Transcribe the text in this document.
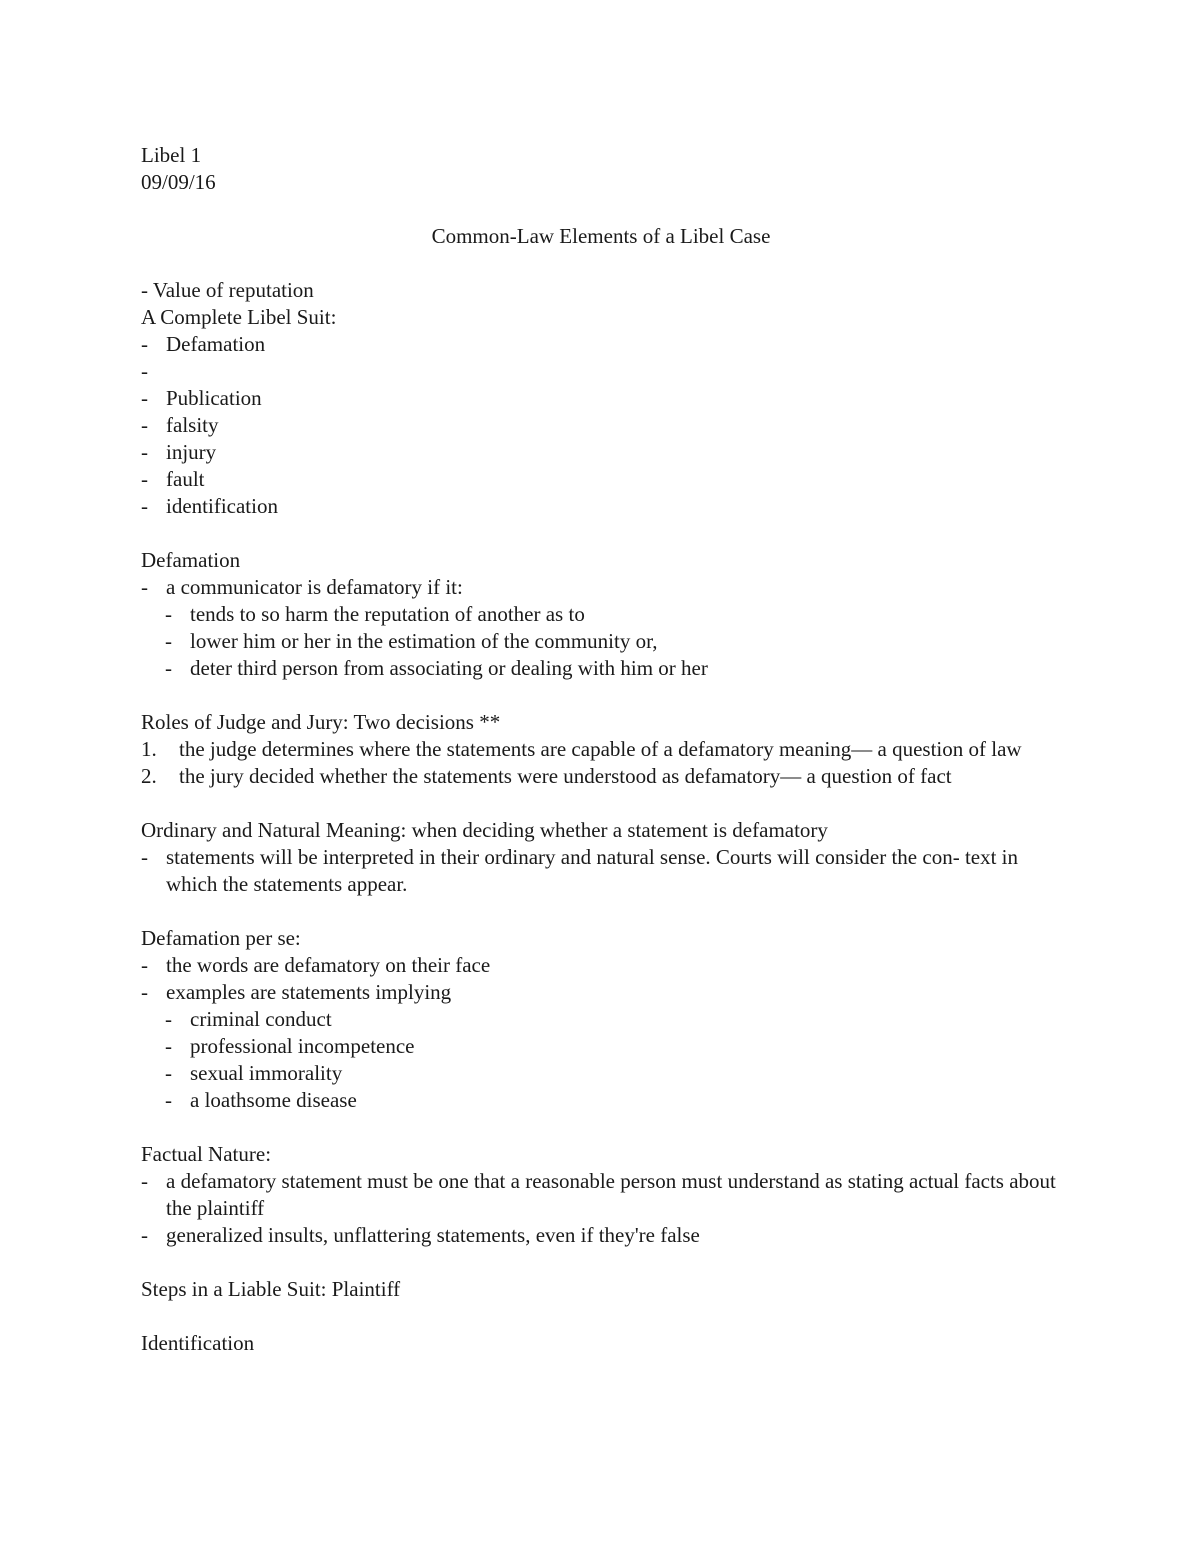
Libel 1
09/09/16
Common-Law Elements of a Libel Case
- Value of reputation
A Complete Libel Suit:
- Defamation
-
- Publication
- falsity
- injury
- fault
- identification
Defamation
- a communicator is defamatory if it:
- tends to so harm the reputation of another as to
- lower him or her in the estimation of the community or,
- deter third person from associating or dealing with him or her
Roles of Judge and Jury: Two decisions **
1.	the judge determines where the statements are capable of a defamatory meaning— a question of law
2.	the jury decided whether the statements were understood as defamatory— a question of fact
Ordinary and Natural Meaning: when deciding whether a statement is defamatory
- statements will be interpreted in their ordinary and natural sense. Courts will consider the con- text in which the statements appear.
Defamation per se:
- the words are defamatory on their face
- examples are statements implying
- criminal conduct
- professional incompetence
- sexual immorality
- a loathsome disease
Factual Nature:
- a defamatory statement must be one that a reasonable person must understand as stating actual facts about the plaintiff
- generalized insults, unflattering statements, even if they're false
Steps in a Liable Suit: Plaintiff
Identification
